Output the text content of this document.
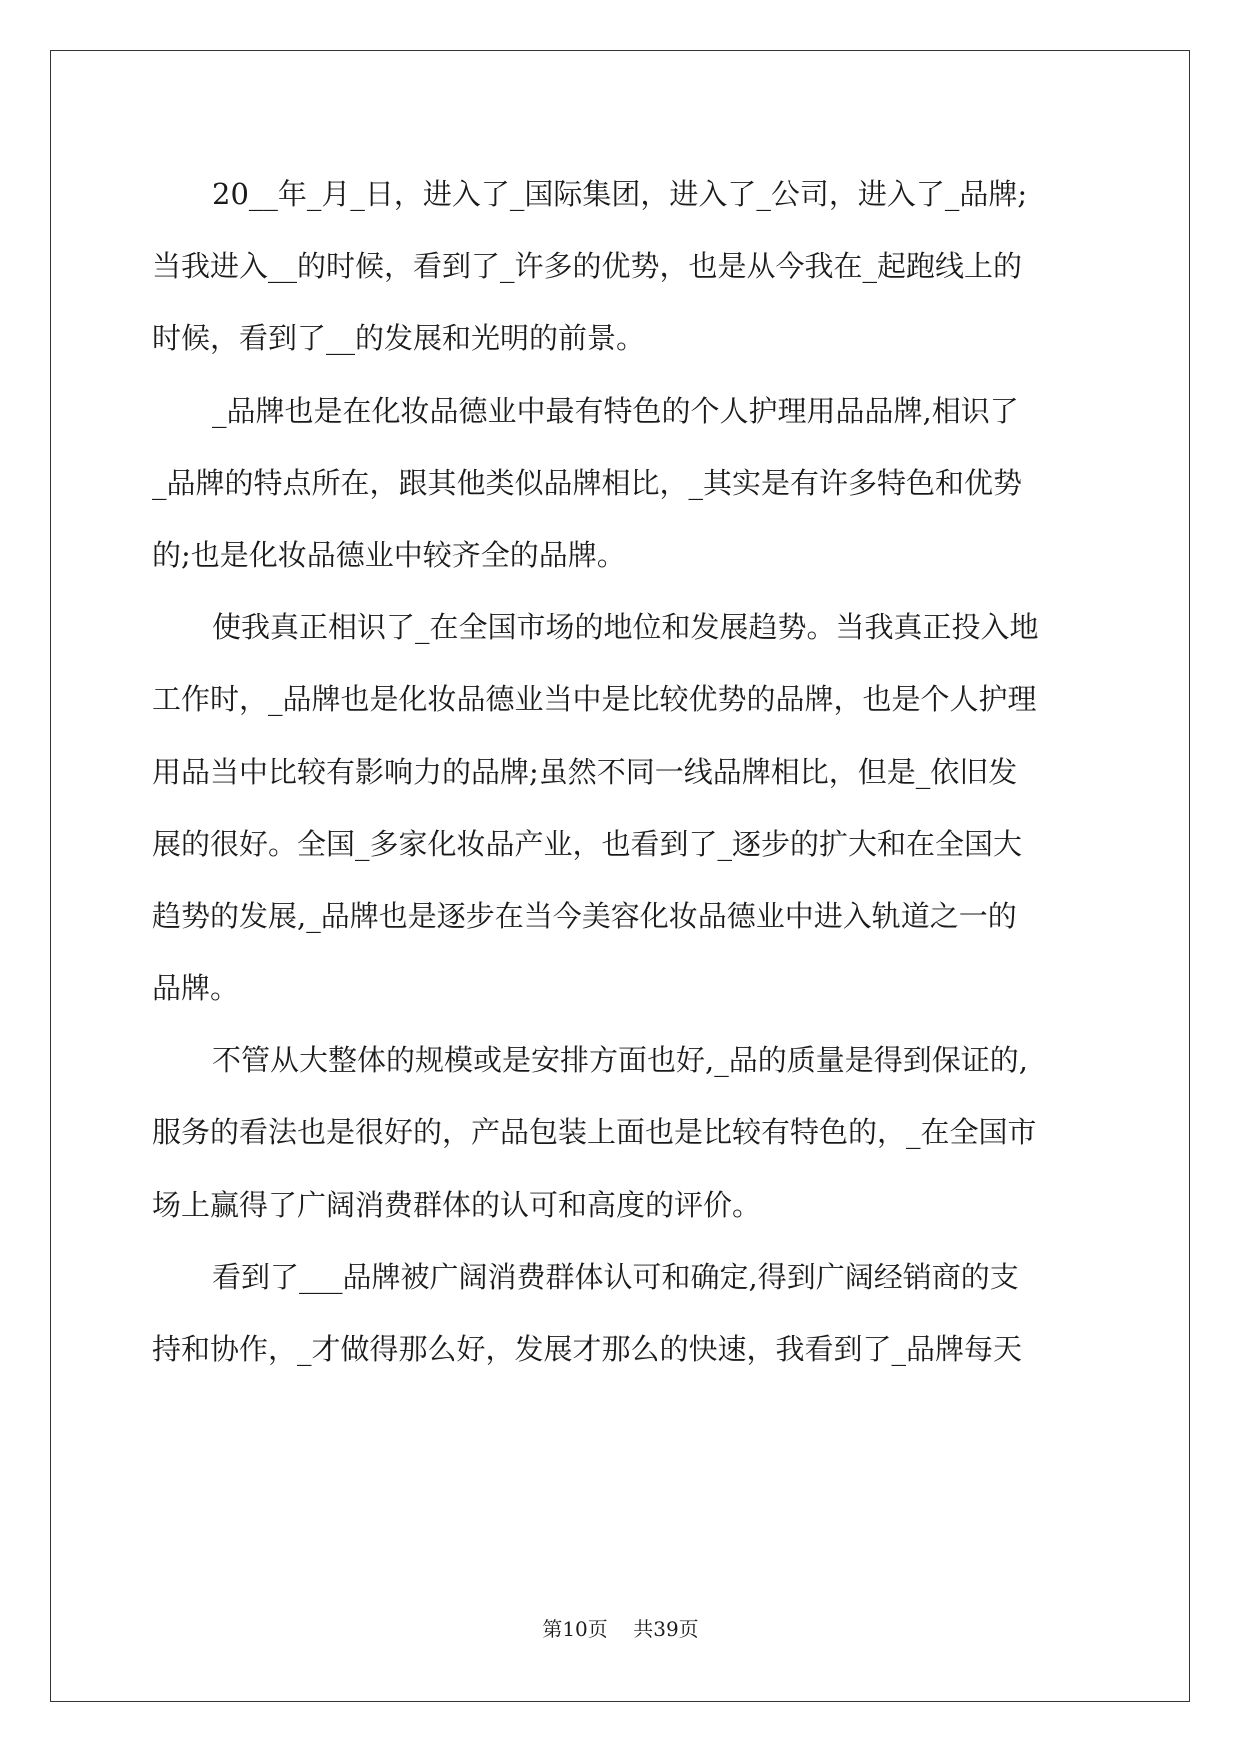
20__年_月_日，进入了_国际集团，进入了_公司，进入了_品牌;
当我进入__的时候，看到了_许多的优势，也是从今我在_起跑线上的
时候，看到了__的发展和光明的前景。
_品牌也是在化妆品德业中最有特色的个人护理用品品牌,相识了
_品牌的特点所在，跟其他类似品牌相比，_其实是有许多特色和优势
的;也是化妆品德业中较齐全的品牌。
使我真正相识了_在全国市场的地位和发展趋势。当我真正投入地
工作时，_品牌也是化妆品德业当中是比较优势的品牌，也是个人护理
用品当中比较有影响力的品牌;虽然不同一线品牌相比，但是_依旧发
展的很好。全国_多家化妆品产业，也看到了_逐步的扩大和在全国大
趋势的发展,_品牌也是逐步在当今美容化妆品德业中进入轨道之一的
品牌。
不管从大整体的规模或是安排方面也好,_品的质量是得到保证的,
服务的看法也是很好的，产品包装上面也是比较有特色的，_在全国市
场上赢得了广阔消费群体的认可和高度的评价。
看到了___品牌被广阔消费群体认可和确定,得到广阔经销商的支
持和协作，_才做得那么好，发展才那么的快速，我看到了_品牌每天
第10页 共39页
